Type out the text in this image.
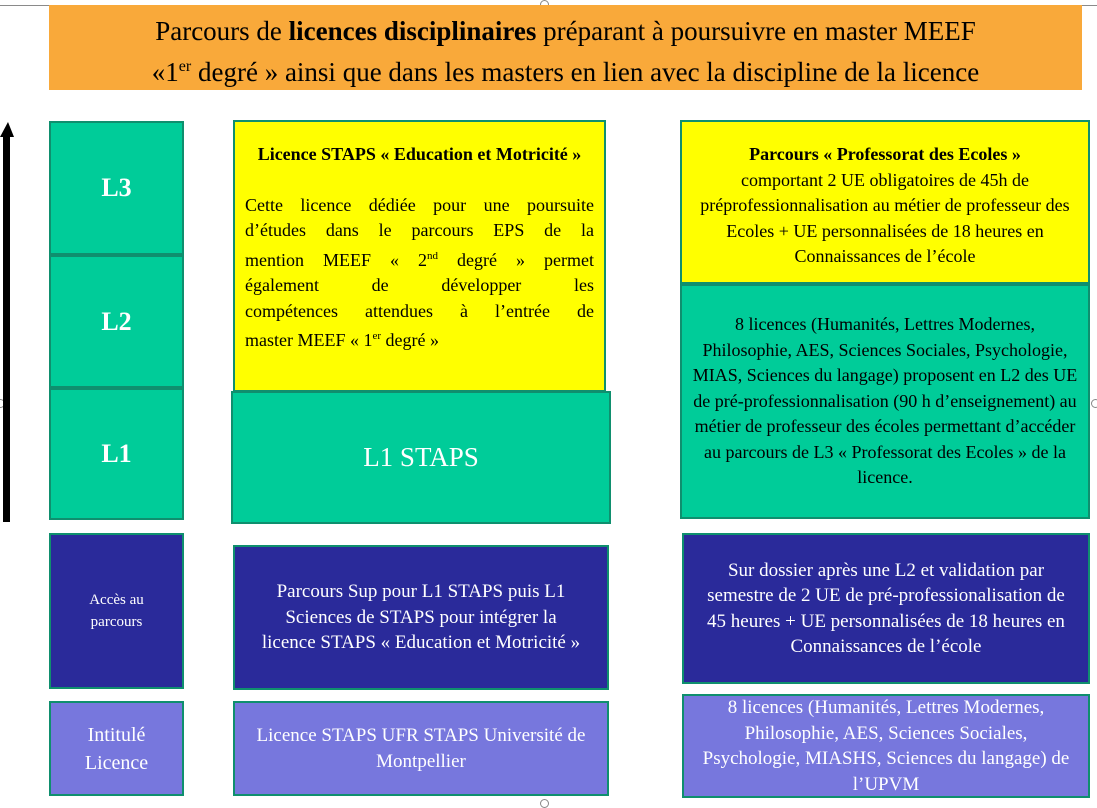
Parcours de licences disciplinaires préparant à poursuivre en master MEEF
«1er degré » ainsi que dans les masters en lien avec la discipline de la licence
L3
L2
L1
Accès au parcours
Intitulé Licence

Licence STAPS « Education et Motricité »

Cette licence dédiée pour une poursuite

d’études dans le parcours EPS de la

mention MEEF « 2nd degré » permet

également de développer les

compétences attendues à l’entrée de

master MEEF « 1er degré »

L1 STAPS
Parcours Sup pour L1 STAPS puis L1 Sciences de STAPS pour intégrer la licence STAPS « Education et Motricité »
Licence STAPS UFR STAPS Université de Montpellier

Parcours « Professorat des Ecoles »

comportant 2 UE obligatoires de 45h de préprofessionnalisation au métier de professeur des Ecoles + UE personnalisées de 18 heures en Connaissances de l’école

8 licences (Humanités, Lettres Modernes, Philosophie, AES, Sciences Sociales, Psychologie, MIAS, Sciences du langage) proposent en L2 des UE de pré-professionnalisation (90 h d’enseignement) au métier de professeur des écoles permettant d’accéder au parcours de L3 « Professorat des Ecoles » de la licence.
Sur dossier après une L2 et validation par semestre de 2 UE de pré-professionalisation de 45 heures + UE personnalisées de 18 heures en Connaissances de l’école
8 licences (Humanités, Lettres Modernes, Philosophie, AES, Sciences Sociales, Psychologie, MIASHS, Sciences du langage) de l’UPVM
